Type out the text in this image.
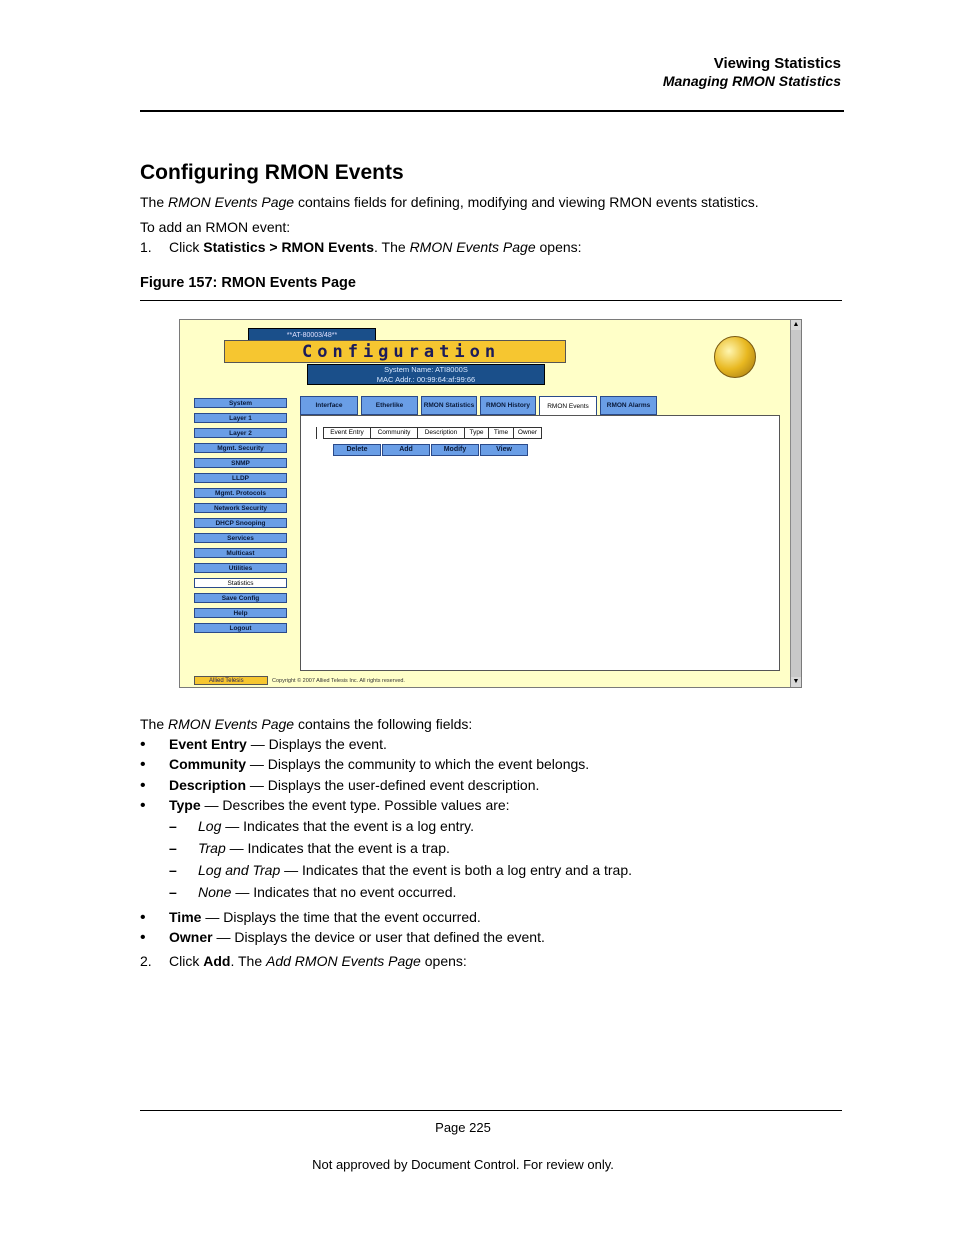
Viewing Statistics
Managing RMON Statistics
Configuring RMON Events
The RMON Events Page contains fields for defining, modifying and viewing RMON events statistics.
To add an RMON event:
1. Click Statistics > RMON Events. The RMON Events Page opens:
Figure 157: RMON Events Page
**AT-80003/48**
Configuration
System Name: ATI8000S
MAC Addr.: 00:99:64:af:99:66
System
Layer 1
Layer 2
Mgmt. Security
SNMP
LLDP
Mgmt. Protocols
Network Security
DHCP Snooping
Services
Multicast
Utilities
Statistics
Save Config
Help
Logout
Interface	Etherlike	RMON Statistics	RMON History	RMON Events	RMON Alarms
Event Entry	Community	Description	Type	Time	Owner
Delete	Add	Modify	View
Allied Telesis	Copyright © 2007 Allied Telesis Inc. All rights reserved.
▲
▼
The RMON Events Page contains the following fields:
• Event Entry — Displays the event.
• Community — Displays the community to which the event belongs.
• Description — Displays the user-defined event description.
• Type — Describes the event type. Possible values are:
– Log — Indicates that the event is a log entry.
– Trap — Indicates that the event is a trap.
– Log and Trap — Indicates that the event is both a log entry and a trap.
– None — Indicates that no event occurred.
• Time — Displays the time that the event occurred.
• Owner — Displays the device or user that defined the event.
2. Click Add. The Add RMON Events Page opens:
Page 225
Not approved by Document Control. For review only.
